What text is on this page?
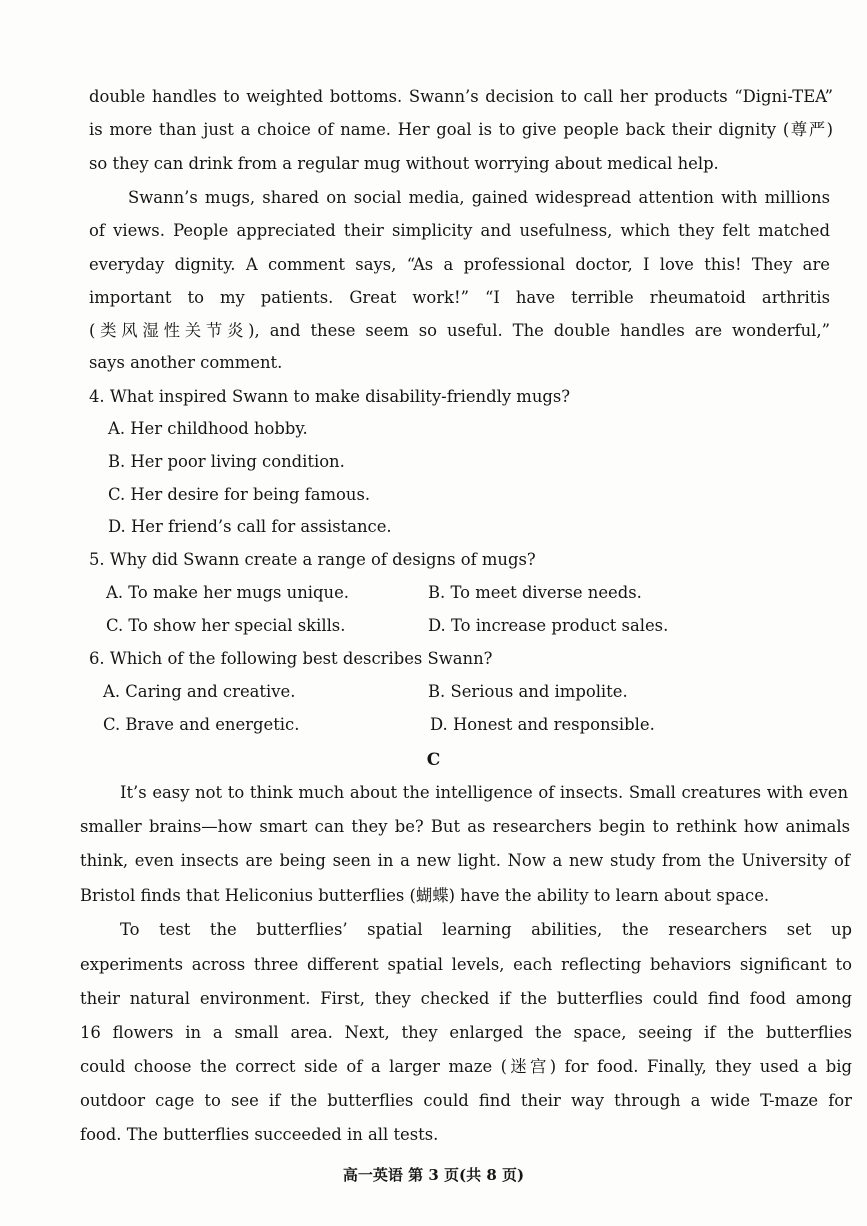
double handles to weighted bottoms. Swann’s decision to call her products “Digni-TEA”
is more than just a choice of name. Her goal is to give people back their dignity (尊严)
so they can drink from a regular mug without worrying about medical help.
Swann’s mugs, shared on social media, gained widespread attention with millions
of views. People appreciated their simplicity and usefulness, which they felt matched
everyday dignity. A comment says, “As a professional doctor, I love this! They are
important to my patients. Great work!” “I have terrible rheumatoid arthritis
(类风湿性关节炎), and these seem so useful. The double handles are wonderful,”
says another comment.
4. What inspired Swann to make disability-friendly mugs?
A. Her childhood hobby.
B. Her poor living condition.
C. Her desire for being famous.
D. Her friend’s call for assistance.
5. Why did Swann create a range of designs of mugs?
A. To make her mugs unique.	B. To meet diverse needs.
C. To show her special skills.	D. To increase product sales.
6. Which of the following best describes Swann?
A. Caring and creative.	B. Serious and impolite.
C. Brave and energetic.	D. Honest and responsible.
C
It’s easy not to think much about the intelligence of insects. Small creatures with even
smaller brains—how smart can they be? But as researchers begin to rethink how animals
think, even insects are being seen in a new light. Now a new study from the University of
Bristol finds that Heliconius butterflies (蝴蝶) have the ability to learn about space.
To test the butterflies’ spatial learning abilities, the researchers set up
experiments across three different spatial levels, each reflecting behaviors significant to
their natural environment. First, they checked if the butterflies could find food among
16 flowers in a small area. Next, they enlarged the space, seeing if the butterflies
could choose the correct side of a larger maze (迷宫) for food. Finally, they used a big
outdoor cage to see if the butterflies could find their way through a wide T-maze for
food. The butterflies succeeded in all tests.
高一英语 第 3 页(共 8 页)
